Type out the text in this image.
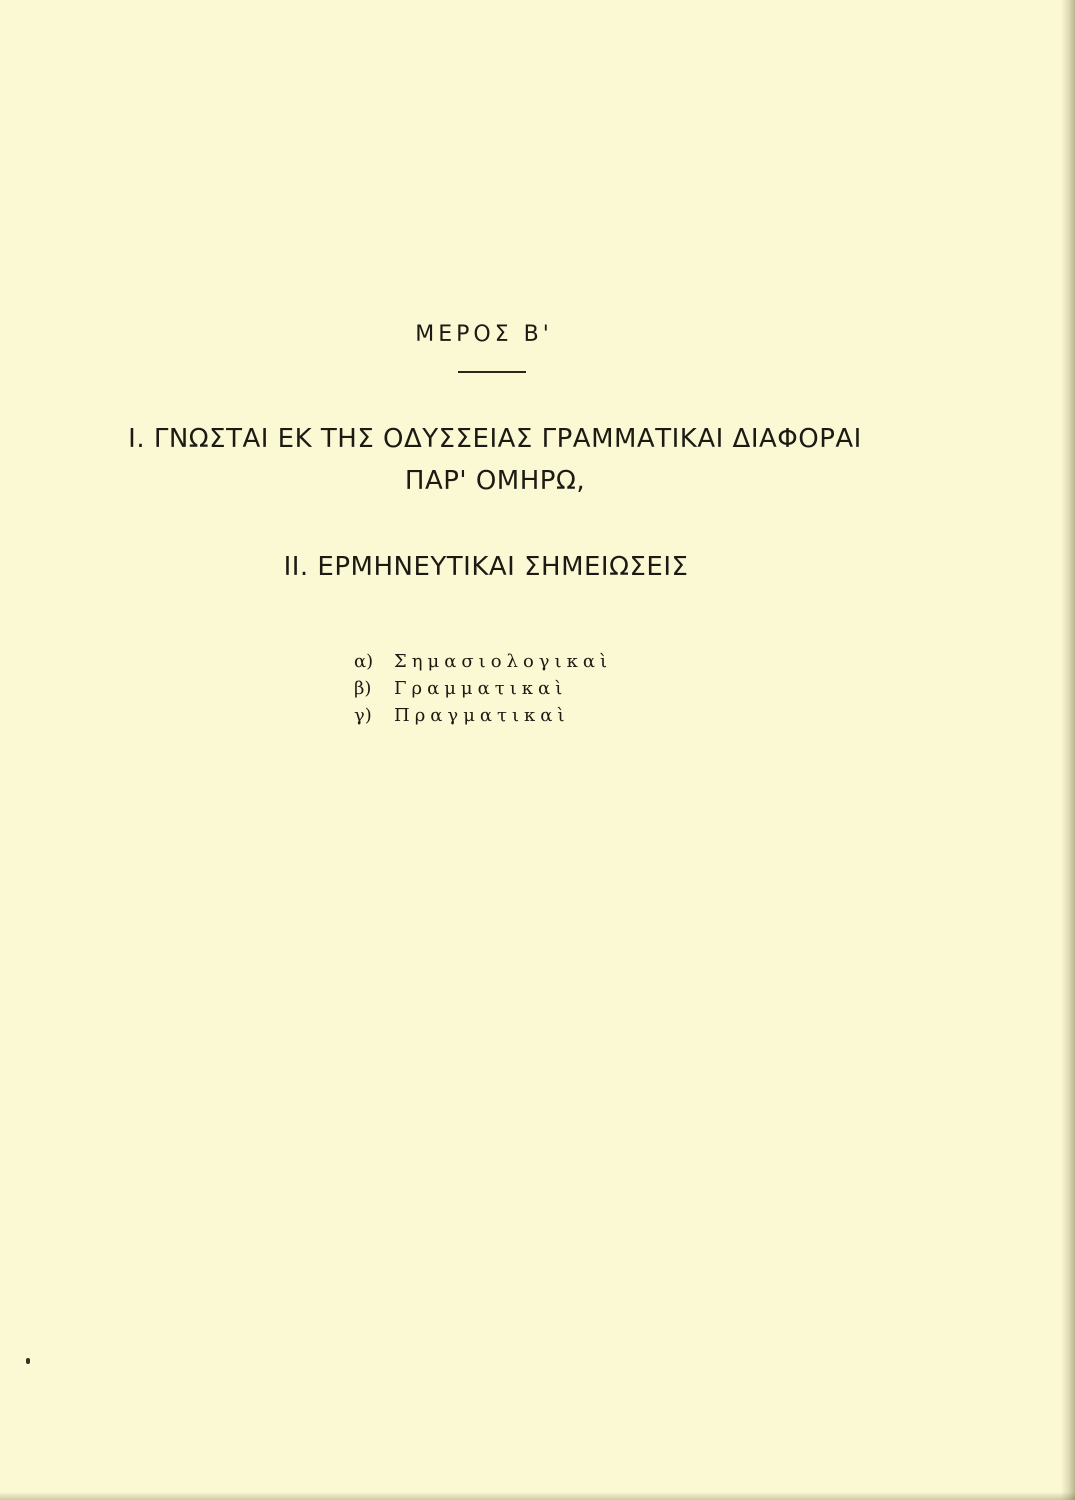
ΜΕΡΟΣ Β'
Ι. ΓΝΩΣΤΑΙ ΕΚ ΤΗΣ ΟΔΥΣΣΕΙΑΣ ΓΡΑΜΜΑΤΙΚΑΙ ΔΙΑΦΟΡΑΙ
ΠΑΡ' ΟΜΗΡΩ,
ΙΙ. ΕΡΜΗΝΕΥΤΙΚΑΙ ΣΗΜΕΙΩΣΕΙΣ
α) Σημασιολογικαὶ
β) Γραμματικαὶ
γ) Πραγματικαὶ
